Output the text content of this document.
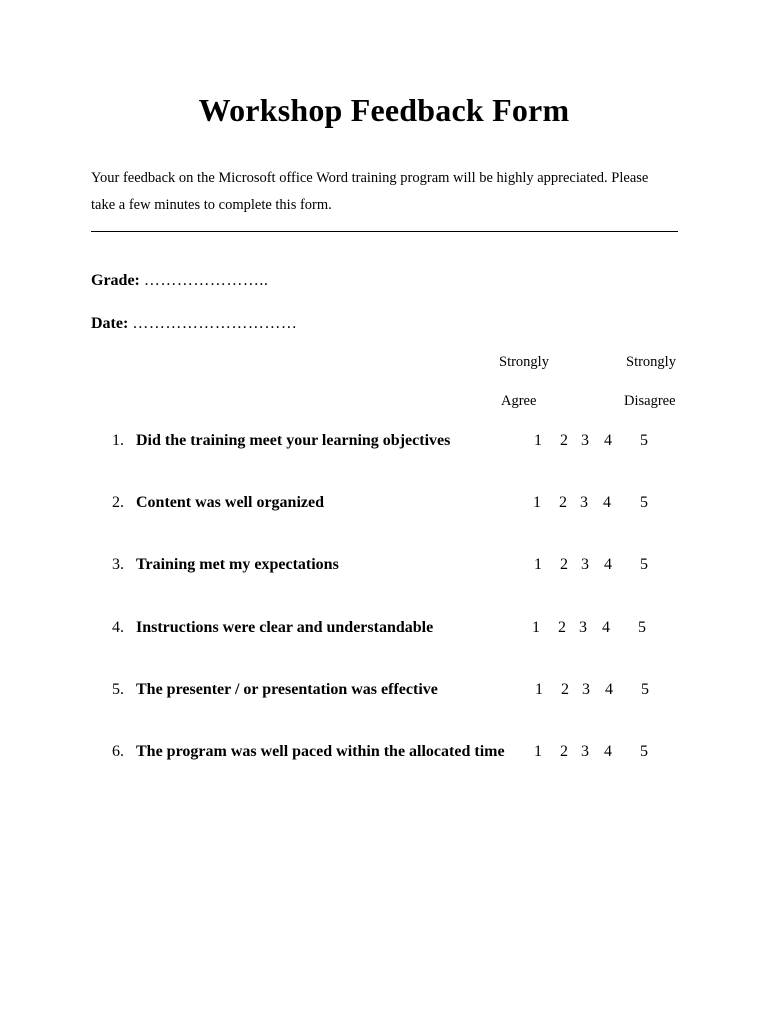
Workshop Feedback Form
Your feedback on the Microsoft office Word training program will be highly appreciated. Please
take a few minutes to complete this form.
Grade: …………………..
Date: …………………………
Strongly
Agree
Strongly
Disagree
1. Did the training meet your learning objectives	1 2 3 4 5
2. Content was well organized	1 2 3 4 5
3. Training met my expectations	1 2 3 4 5
4. Instructions were clear and understandable	1 2 3 4 5
5. The presenter / or presentation was effective	1 2 3 4 5
6. The program was well paced within the allocated time 1 2 3 4 5
